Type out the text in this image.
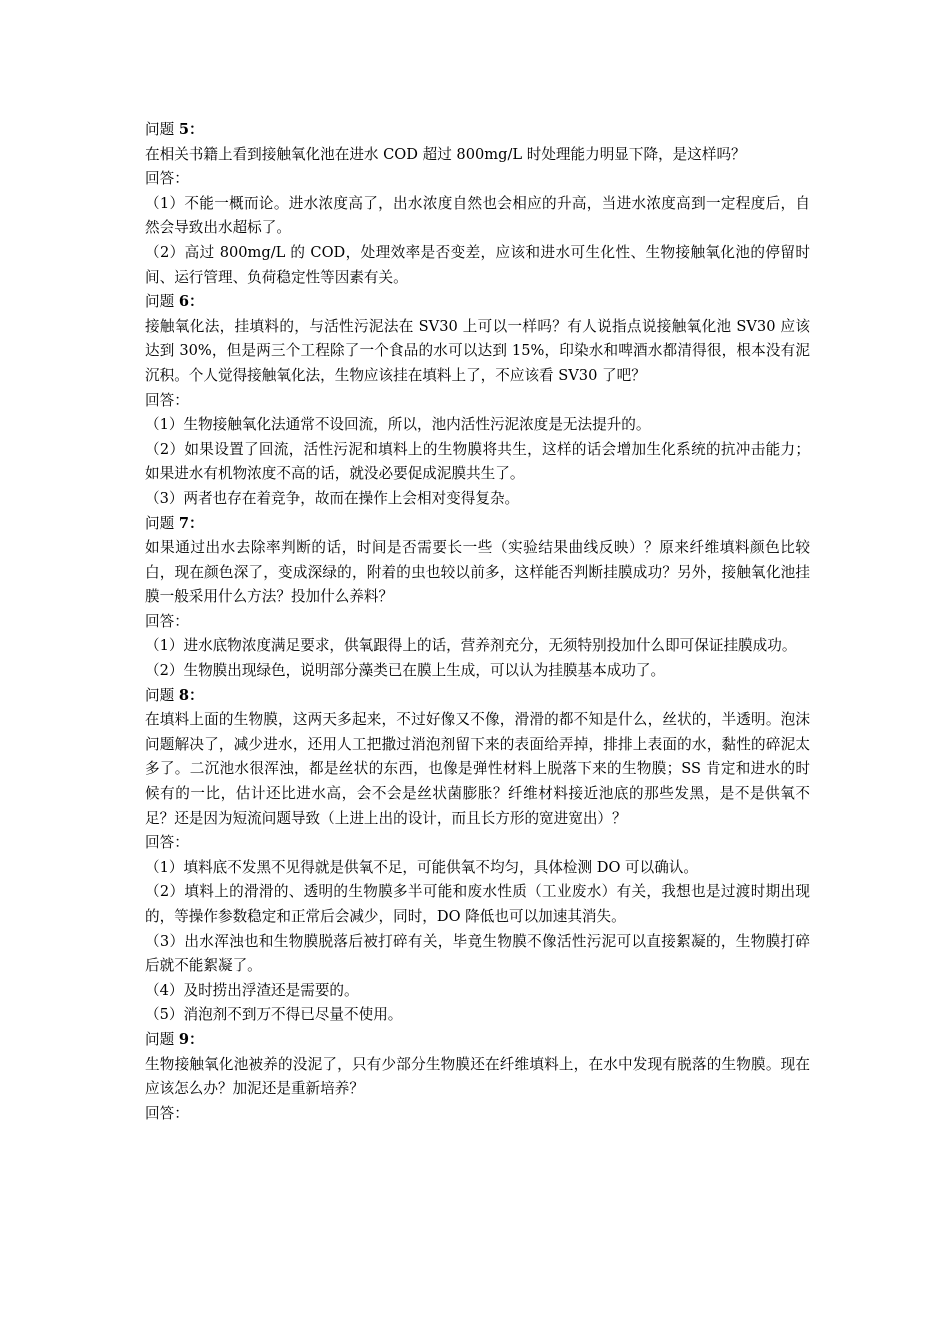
问题 5：

在相关书籍上看到接触氧化池在进水 COD 超过 800mg/L 时处理能力明显下降，是这样吗？

回答：

（1）不能一概而论。进水浓度高了，出水浓度自然也会相应的升高，当进水浓度高到一定程度后，自然会导致出水超标了。

（2）高过 800mg/L 的 COD，处理效率是否变差，应该和进水可生化性、生物接触氧化池的停留时间、运行管理、负荷稳定性等因素有关。

问题 6：

接触氧化法，挂填料的，与活性污泥法在 SV30 上可以一样吗？有人说指点说接触氧化池 SV30 应该达到 30%，但是两三个工程除了一个食品的水可以达到 15%，印染水和啤酒水都清得很，根本没有泥沉积。个人觉得接触氧化法，生物应该挂在填料上了，不应该看 SV30 了吧？

回答：

（1）生物接触氧化法通常不设回流，所以，池内活性污泥浓度是无法提升的。

（2）如果设置了回流，活性污泥和填料上的生物膜将共生，这样的话会增加生化系统的抗冲击能力；如果进水有机物浓度不高的话，就没必要促成泥膜共生了。

（3）两者也存在着竞争，故而在操作上会相对变得复杂。

问题 7：

如果通过出水去除率判断的话，时间是否需要长一些（实验结果曲线反映）？原来纤维填料颜色比较白，现在颜色深了，变成深绿的，附着的虫也较以前多，这样能否判断挂膜成功？另外，接触氧化池挂膜一般采用什么方法？投加什么养料？

回答：

（1）进水底物浓度满足要求，供氧跟得上的话，营养剂充分，无须特别投加什么即可保证挂膜成功。

（2）生物膜出现绿色，说明部分藻类已在膜上生成，可以认为挂膜基本成功了。

问题 8：

在填料上面的生物膜，这两天多起来，不过好像又不像，滑滑的都不知是什么，丝状的，半透明。泡沫问题解决了，减少进水，还用人工把撒过消泡剂留下来的表面给弄掉，排排上表面的水，黏性的碎泥太多了。二沉池水很浑浊，都是丝状的东西，也像是弹性材料上脱落下来的生物膜；SS 肯定和进水的时候有的一比，估计还比进水高，会不会是丝状菌膨胀？纤维材料接近池底的那些发黑，是不是供氧不足？还是因为短流问题导致（上进上出的设计，而且长方形的宽进宽出）？

回答：

（1）填料底不发黑不见得就是供氧不足，可能供氧不均匀，具体检测 DO 可以确认。

（2）填料上的滑滑的、透明的生物膜多半可能和废水性质（工业废水）有关，我想也是过渡时期出现的，等操作参数稳定和正常后会减少，同时，DO 降低也可以加速其消失。

（3）出水浑浊也和生物膜脱落后被打碎有关，毕竟生物膜不像活性污泥可以直接絮凝的，生物膜打碎后就不能絮凝了。

（4）及时捞出浮渣还是需要的。

（5）消泡剂不到万不得已尽量不使用。

问题 9：

生物接触氧化池被养的没泥了，只有少部分生物膜还在纤维填料上，在水中发现有脱落的生物膜。现在应该怎么办？加泥还是重新培养？

回答：
